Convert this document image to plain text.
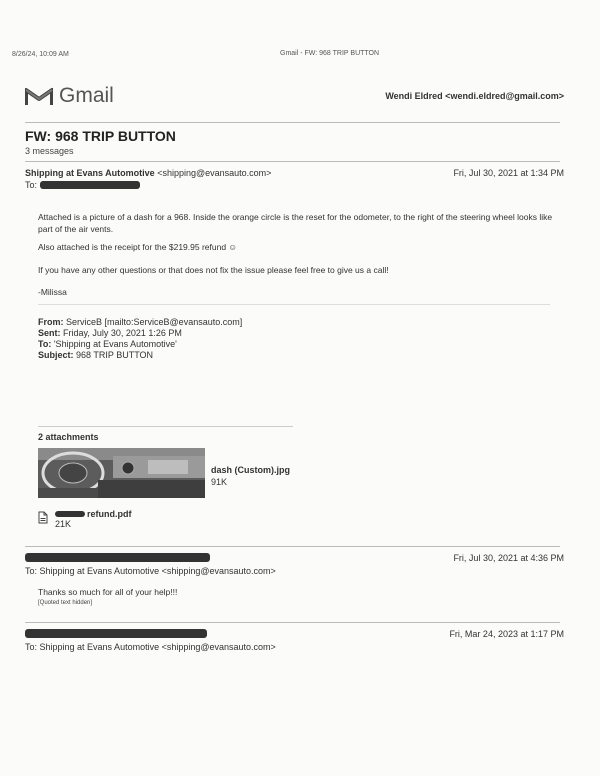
8/26/24, 10:09 AM	Gmail - FW: 968 TRIP BUTTON
Gmail	Wendi Eldred <wendi.eldred@gmail.com>
FW: 968 TRIP BUTTON
3 messages
Shipping at Evans Automotive <shipping@evansauto.com>	Fri, Jul 30, 2021 at 1:34 PM
To:
Attached is a picture of a dash for a 968. Inside the orange circle is the reset for the odometer, to the right of the steering wheel looks like part of the air vents.
Also attached is the receipt for the $219.95 refund ☺
If you have any other questions or that does not fix the issue please feel free to give us a call!
-Milissa
From: ServiceB [mailto:ServiceB@evansauto.com]
Sent: Friday, July 30, 2021 1:26 PM
To: 'Shipping at Evans Automotive'
Subject: 968 TRIP BUTTON
2 attachments
dash (Custom).jpg
91K
refund.pdf
21K
Fri, Jul 30, 2021 at 4:36 PM
To: Shipping at Evans Automotive <shipping@evansauto.com>
Thanks so much for all of your help!!!
[Quoted text hidden]
Fri, Mar 24, 2023 at 1:17 PM
To: Shipping at Evans Automotive <shipping@evansauto.com>
